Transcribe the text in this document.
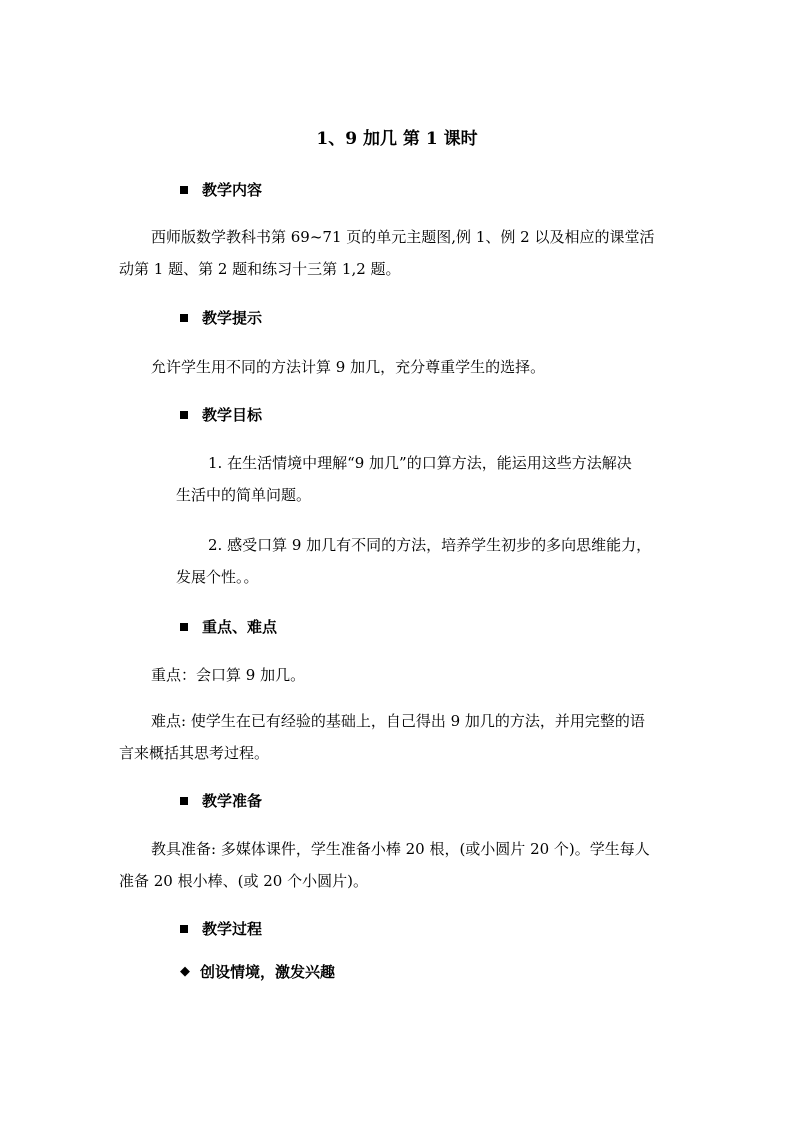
1、9 加几 第 1 课时
教学内容
西师版数学教科书第 69~71 页的单元主题图,例 1、例 2 以及相应的课堂活
动第 1 题、第 2 题和练习十三第 1,2 题。
教学提示
允许学生用不同的方法计算 9 加几，充分尊重学生的选择。
教学目标
1. 在生活情境中理解“9 加几”的口算方法，能运用这些方法解决
生活中的简单问题。
2. 感受口算 9 加几有不同的方法，培养学生初步的多向思维能力，
发展个性。。
重点、难点
重点：会口算 9 加几。
难点: 使学生在已有经验的基础上，自己得出 9 加几的方法，并用完整的语
言来概括其思考过程。
教学准备
教具准备: 多媒体课件，学生准备小棒 20 根，(或小圆片 20 个)。学生每人
准备 20 根小棒、(或 20 个小圆片)。
教学过程
◆ 创设情境，激发兴趣
